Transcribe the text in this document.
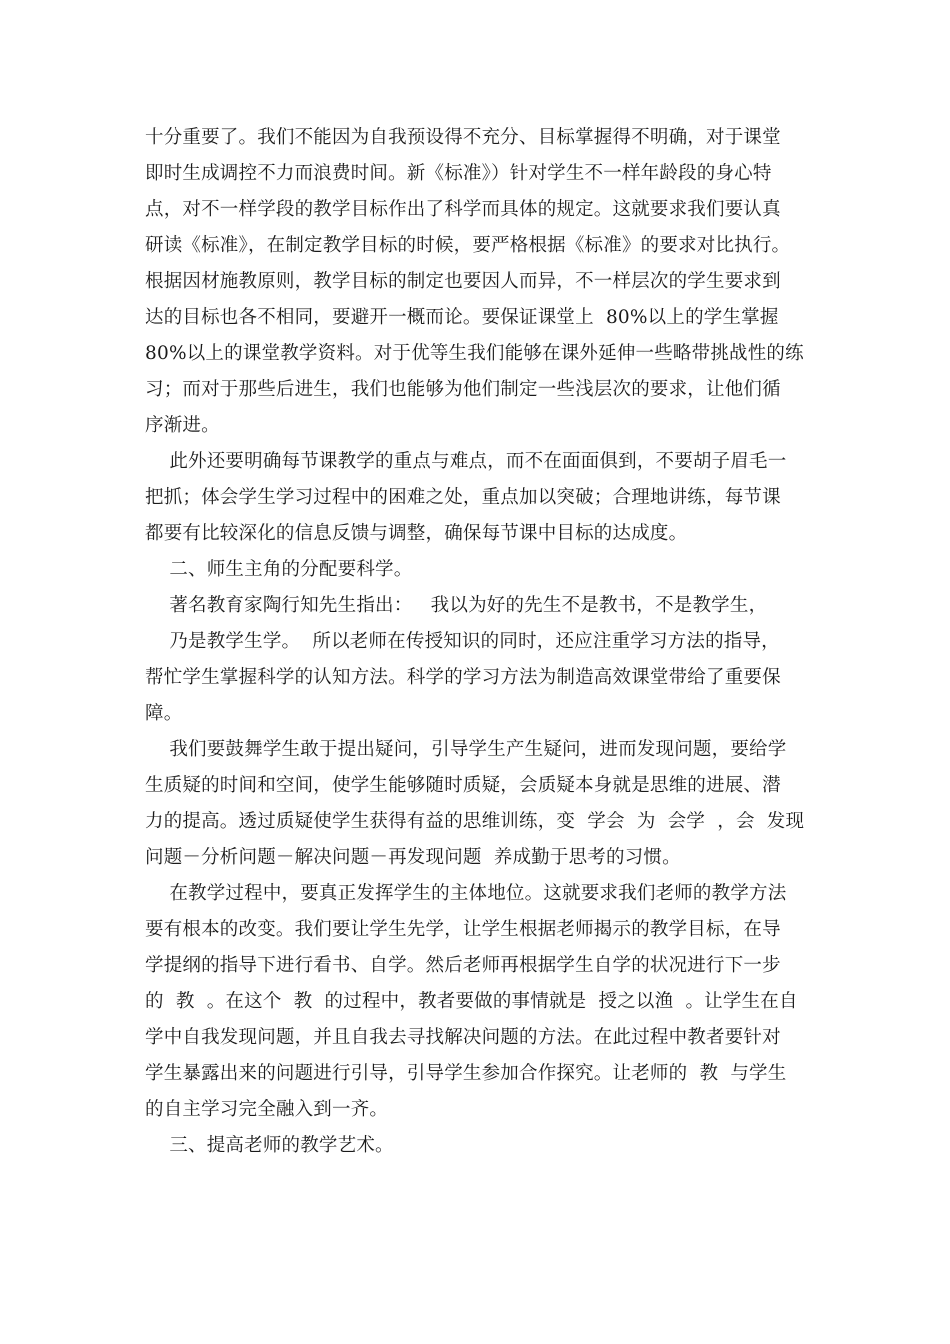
十分重要了。我们不能因为自我预设得不充分、目标掌握得不明确，对于课堂
即时生成调控不力而浪费时间。新《标准》）针对学生不一样年龄段的身心特
点，对不一样学段的教学目标作出了科学而具体的规定。这就要求我们要认真
研读《标准》，在制定教学目标的时候，要严格根据《标准》的要求对比执行。
根据因材施教原则，教学目标的制定也要因人而异，不一样层次的学生要求到
达的目标也各不相同，要避开一概而论。要保证课堂上  80%以上的学生掌握
80%以上的课堂教学资料。对于优等生我们能够在课外延伸一些略带挑战性的练
习；而对于那些后进生，我们也能够为他们制定一些浅层次的要求，让他们循
序渐进。
此外还要明确每节课教学的重点与难点，而不在面面俱到，不要胡子眉毛一
把抓；体会学生学习过程中的困难之处，重点加以突破；合理地讲练，每节课
都要有比较深化的信息反馈与调整，确保每节课中目标的达成度。
二、师生主角的分配要科学。
著名教育家陶行知先生指出：   我以为好的先生不是教书，不是教学生，
乃是教学生学。  所以老师在传授知识的同时，还应注重学习方法的指导，
帮忙学生掌握科学的认知方法。科学的学习方法为制造高效课堂带给了重要保
障。
我们要鼓舞学生敢于提出疑问，引导学生产生疑问，进而发现问题，要给学
生质疑的时间和空间，使学生能够随时质疑，会质疑本身就是思维的进展、潜
力的提高。透过质疑使学生获得有益的思维训练，变  学会  为  会学  ，会  发现
问题－分析问题－解决问题－再发现问题  养成勤于思考的习惯。
在教学过程中，要真正发挥学生的主体地位。这就要求我们老师的教学方法
要有根本的改变。我们要让学生先学，让学生根据老师揭示的教学目标，在导
学提纲的指导下进行看书、自学。然后老师再根据学生自学的状况进行下一步
的  教  。在这个  教  的过程中，教者要做的事情就是  授之以渔  。让学生在自
学中自我发现问题，并且自我去寻找解决问题的方法。在此过程中教者要针对
学生暴露出来的问题进行引导，引导学生参加合作探究。让老师的  教  与学生
的自主学习完全融入到一齐。
三、提高老师的教学艺术。
